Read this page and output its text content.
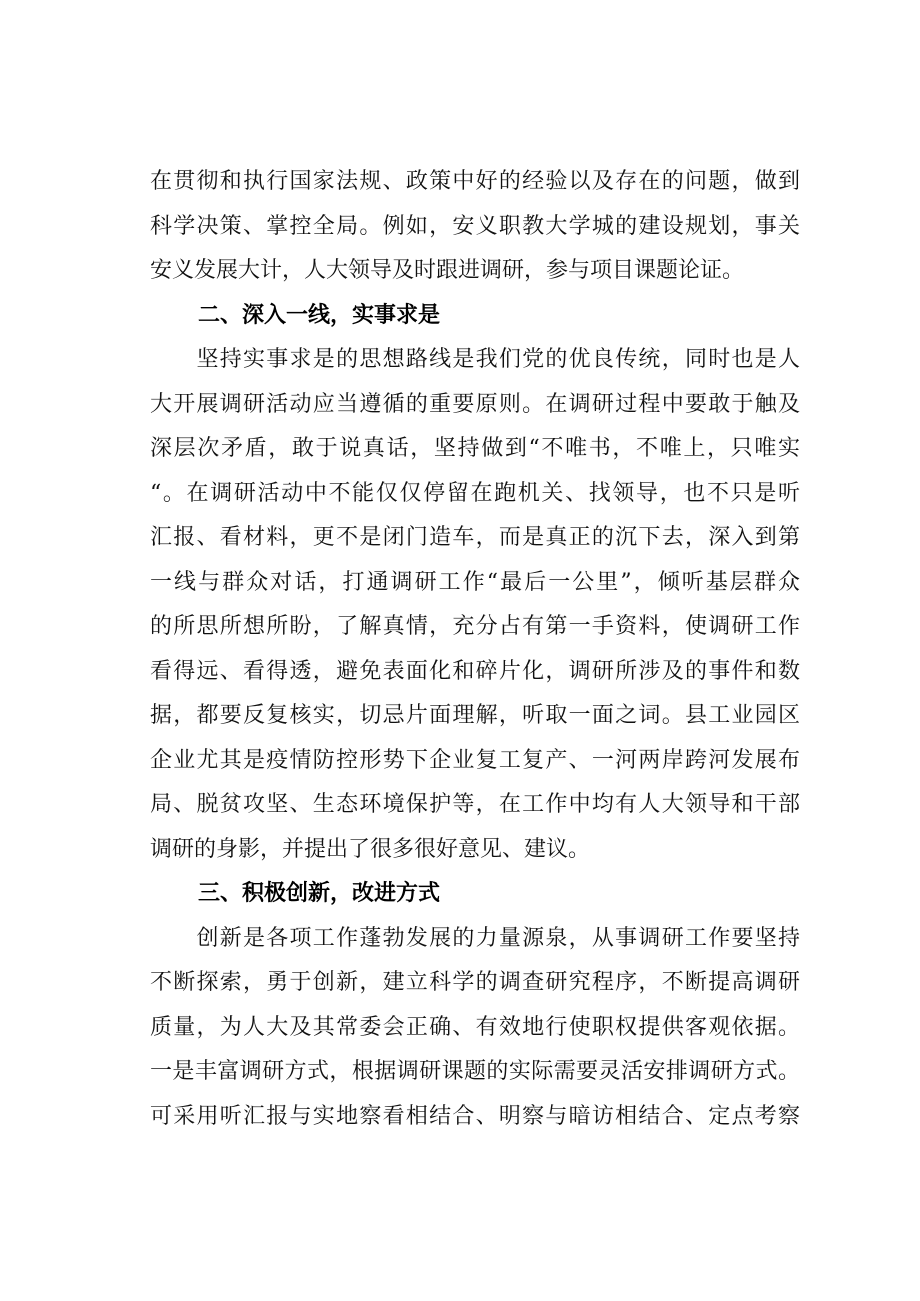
在贯彻和执行国家法规、政策中好的经验以及存在的问题，做到
科学决策、掌控全局。例如，安义职教大学城的建设规划，事关
安义发展大计，人大领导及时跟进调研，参与项目课题论证。
二、深入一线，实事求是
　　坚持实事求是的思想路线是我们党的优良传统，同时也是人
大开展调研活动应当遵循的重要原则。在调研过程中要敢于触及
深层次矛盾，敢于说真话，坚持做到“不唯书，不唯上，只唯实
“。在调研活动中不能仅仅停留在跑机关、找领导，也不只是听
汇报、看材料，更不是闭门造车，而是真正的沉下去，深入到第
一线与群众对话，打通调研工作“最后一公里”，倾听基层群众
的所思所想所盼，了解真情，充分占有第一手资料，使调研工作
看得远、看得透，避免表面化和碎片化，调研所涉及的事件和数
据，都要反复核实，切忌片面理解，听取一面之词。县工业园区
企业尤其是疫情防控形势下企业复工复产、一河两岸跨河发展布
局、脱贫攻坚、生态环境保护等，在工作中均有人大领导和干部
调研的身影，并提出了很多很好意见、建议。
三、积极创新，改进方式
　　创新是各项工作蓬勃发展的力量源泉，从事调研工作要坚持
不断探索，勇于创新，建立科学的调查研究程序，不断提高调研
质量，为人大及其常委会正确、有效地行使职权提供客观依据。
一是丰富调研方式，根据调研课题的实际需要灵活安排调研方式。
可采用听汇报与实地察看相结合、明察与暗访相结合、定点考察
